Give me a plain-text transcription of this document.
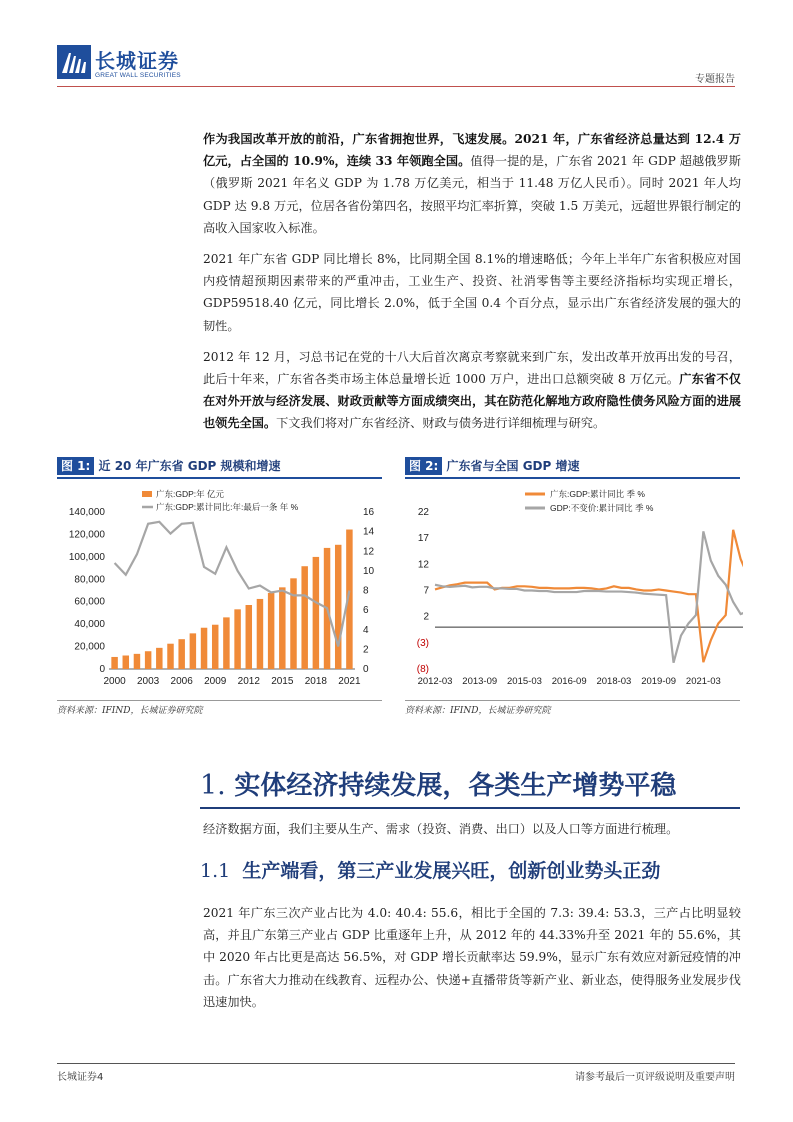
长城证券
GREAT WALL SECURITIES	专题报告

作为我国改革开放的前沿，广东省拥抱世界，飞速发展。2021 年，广东省经济总量达到 12.4 万亿元，占全国的 10.9%，连续 33 年领跑全国。值得一提的是，广东省 2021 年 GDP 超越俄罗斯（俄罗斯 2021 年名义 GDP 为 1.78 万亿美元，相当于 11.48 万亿人民币）。同时 2021 年人均 GDP 达 9.8 万元，位居各省份第四名，按照平均汇率折算，突破 1.5 万美元，远超世界银行制定的高收入国家收入标准。

2021 年广东省 GDP 同比增长 8%，比同期全国 8.1%的增速略低；今年上半年广东省积极应对国内疫情超预期因素带来的严重冲击，工业生产、投资、社消零售等主要经济指标均实现正增长，GDP59518.40 亿元，同比增长 2.0%，低于全国 0.4 个百分点，显示出广东省经济发展的强大的韧性。

2012 年 12 月，习总书记在党的十八大后首次离京考察就来到广东，发出改革开放再出发的号召，此后十年来，广东省各类市场主体总量增长近 1000 万户，进出口总额突破 8 万亿元。广东省不仅在对外开放与经济发展、财政贡献等方面成绩突出，其在防范化解地方政府隐性债务风险方面的进展也领先全国。下文我们将对广东省经济、财政与债务进行详细梳理与研究。

图 1: 近 20 年广东省 GDP 规模和增速	图 2: 广东省与全国 GDP 增速
0
20,000
40,000
60,000
80,000
100,000
120,000
140,000
0
2
4
6
8
10
12
14
16
2000 2003 2006 2009 2012 2015 2018 2021
广东:GDP:年 亿元
广东:GDP:累计同比:年:最后一条 年 %
(8)
(3)
2
7
12
17
22
2012-03 2013-09 2015-03 2016-09 2018-03 2019-09 2021-03
广东:GDP:累计同比 季 %
GDP:不变价:累计同比 季 %
资料来源：IFIND，长城证券研究院	资料来源：IFIND，长城证券研究院
1. 实体经济持续发展，各类生产增势平稳

经济数据方面，我们主要从生产、需求（投资、消费、出口）以及人口等方面进行梳理。

1.1 生产端看，第三产业发展兴旺，创新创业势头正劲

2021 年广东三次产业占比为 4.0: 40.4: 55.6，相比于全国的 7.3: 39.4: 53.3，三产占比明显较高，并且广东第三产业占 GDP 比重逐年上升，从 2012 年的 44.33%升至 2021 年的 55.6%，其中 2020 年占比更是高达 56.5%，对 GDP 增长贡献率达 59.9%，显示广东有效应对新冠疫情的冲击。广东省大力推动在线教育、远程办公、快递+直播带货等新产业、新业态，使得服务业发展步伐迅速加快。

长城证券4	请参考最后一页评级说明及重要声明
